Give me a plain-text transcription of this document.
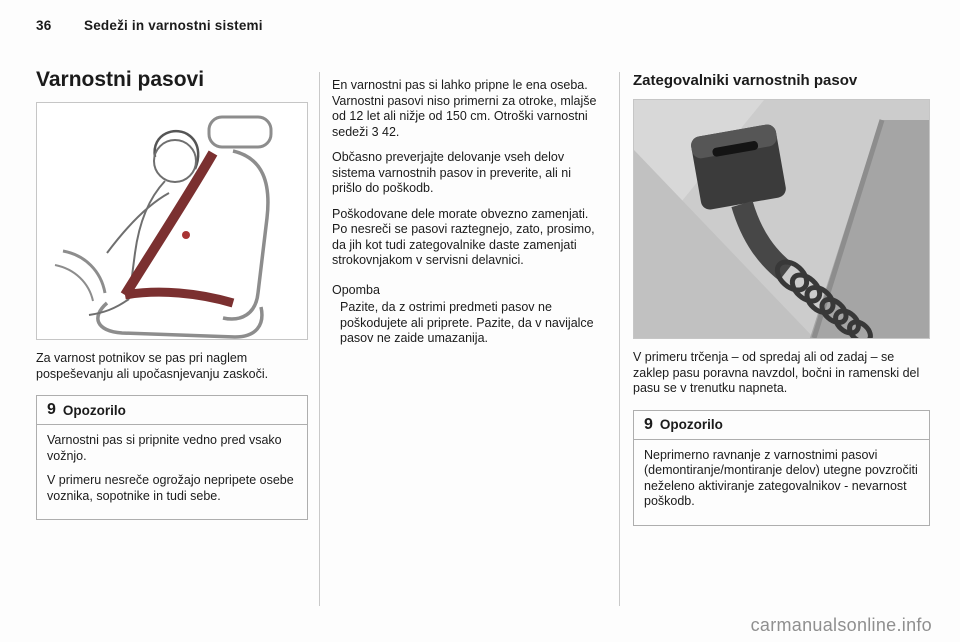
36 Sedeži in varnostni sistemi
Varnostni pasovi

Za varnost potnikov se pas pri naglem pospeševanju ali upočasnjevanju zaskoči.

9 Opozorilo

Varnostni pas si pripnite vedno pred vsako vožnjo.

V primeru nesreče ogrožajo nepripete osebe voznika, sopotnike in tudi sebe.

En varnostni pas si lahko pripne le ena oseba. Varnostni pasovi niso primerni za otroke, mlajše od 12 let ali nižje od 150 cm. Otroški varnostni sedeži 3 42.

Občasno preverjajte delovanje vseh delov sistema varnostnih pasov in preverite, ali ni prišlo do poškodb.

Poškodovane dele morate obvezno zamenjati. Po nesreči se pasovi raztegnejo, zato, prosimo, da jih kot tudi zategovalnike daste zamenjati strokovnjakom v servisni delavnici.

Opomba

Pazite, da z ostrimi predmeti pasov ne poškodujete ali priprete. Pazite, da v navijalce pasov ne zaide umazanija.

Zategovalniki varnostnih pasov

V primeru trčenja – od spredaj ali od zadaj – se zaklep pasu poravna navzdol, bočni in ramenski del pasu se v trenutku napneta.

9 Opozorilo

Neprimerno ravnanje z varnostnimi pasovi (demontiranje/montiranje delov) utegne povzročiti neželeno aktiviranje zategovalnikov - nevarnost poškodb.

carmanualsonline.info
